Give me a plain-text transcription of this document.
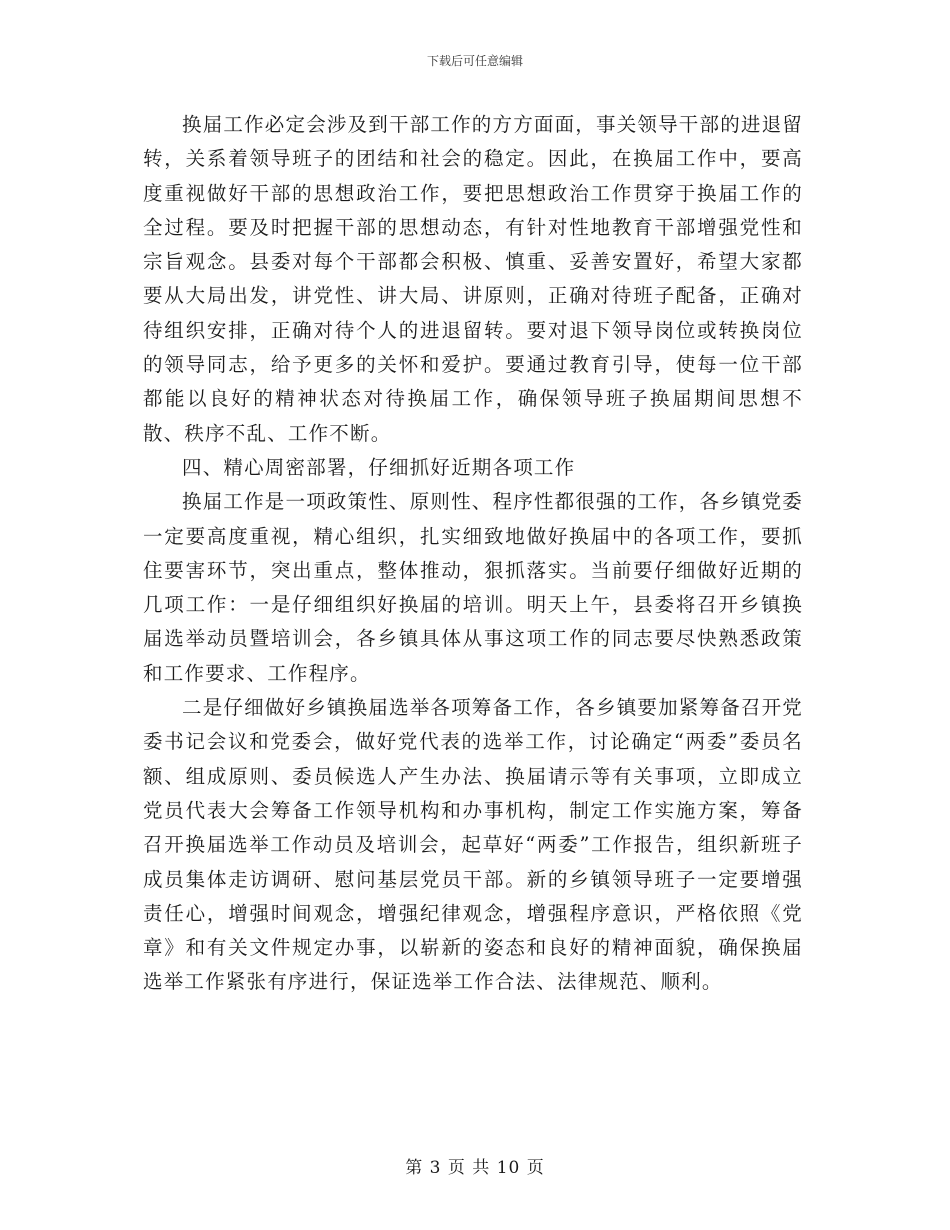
下载后可任意编辑

换届工作必定会涉及到干部工作的方方面面，事关领导干部的进退留转，关系着领导班子的团结和社会的稳定。因此，在换届工作中，要高度重视做好干部的思想政治工作，要把思想政治工作贯穿于换届工作的全过程。要及时把握干部的思想动态，有针对性地教育干部增强党性和宗旨观念。县委对每个干部都会积极、慎重、妥善安置好，希望大家都要从大局出发，讲党性、讲大局、讲原则，正确对待班子配备，正确对待组织安排，正确对待个人的进退留转。要对退下领导岗位或转换岗位的领导同志，给予更多的关怀和爱护。要通过教育引导，使每一位干部都能以良好的精神状态对待换届工作，确保领导班子换届期间思想不散、秩序不乱、工作不断。

四、精心周密部署，仔细抓好近期各项工作

换届工作是一项政策性、原则性、程序性都很强的工作，各乡镇党委一定要高度重视，精心组织，扎实细致地做好换届中的各项工作，要抓住要害环节，突出重点，整体推动，狠抓落实。当前要仔细做好近期的几项工作：一是仔细组织好换届的培训。明天上午，县委将召开乡镇换届选举动员暨培训会，各乡镇具体从事这项工作的同志要尽快熟悉政策和工作要求、工作程序。

二是仔细做好乡镇换届选举各项筹备工作，各乡镇要加紧筹备召开党委书记会议和党委会，做好党代表的选举工作，讨论确定“两委”委员名额、组成原则、委员候选人产生办法、换届请示等有关事项，立即成立党员代表大会筹备工作领导机构和办事机构，制定工作实施方案，筹备召开换届选举工作动员及培训会，起草好“两委”工作报告，组织新班子成员集体走访调研、慰问基层党员干部。新的乡镇领导班子一定要增强责任心，增强时间观念，增强纪律观念，增强程序意识，严格依照《党章》和有关文件规定办事，以崭新的姿态和良好的精神面貌，确保换届选举工作紧张有序进行，保证选举工作合法、法律规范、顺利。

第 3 页 共 10 页
